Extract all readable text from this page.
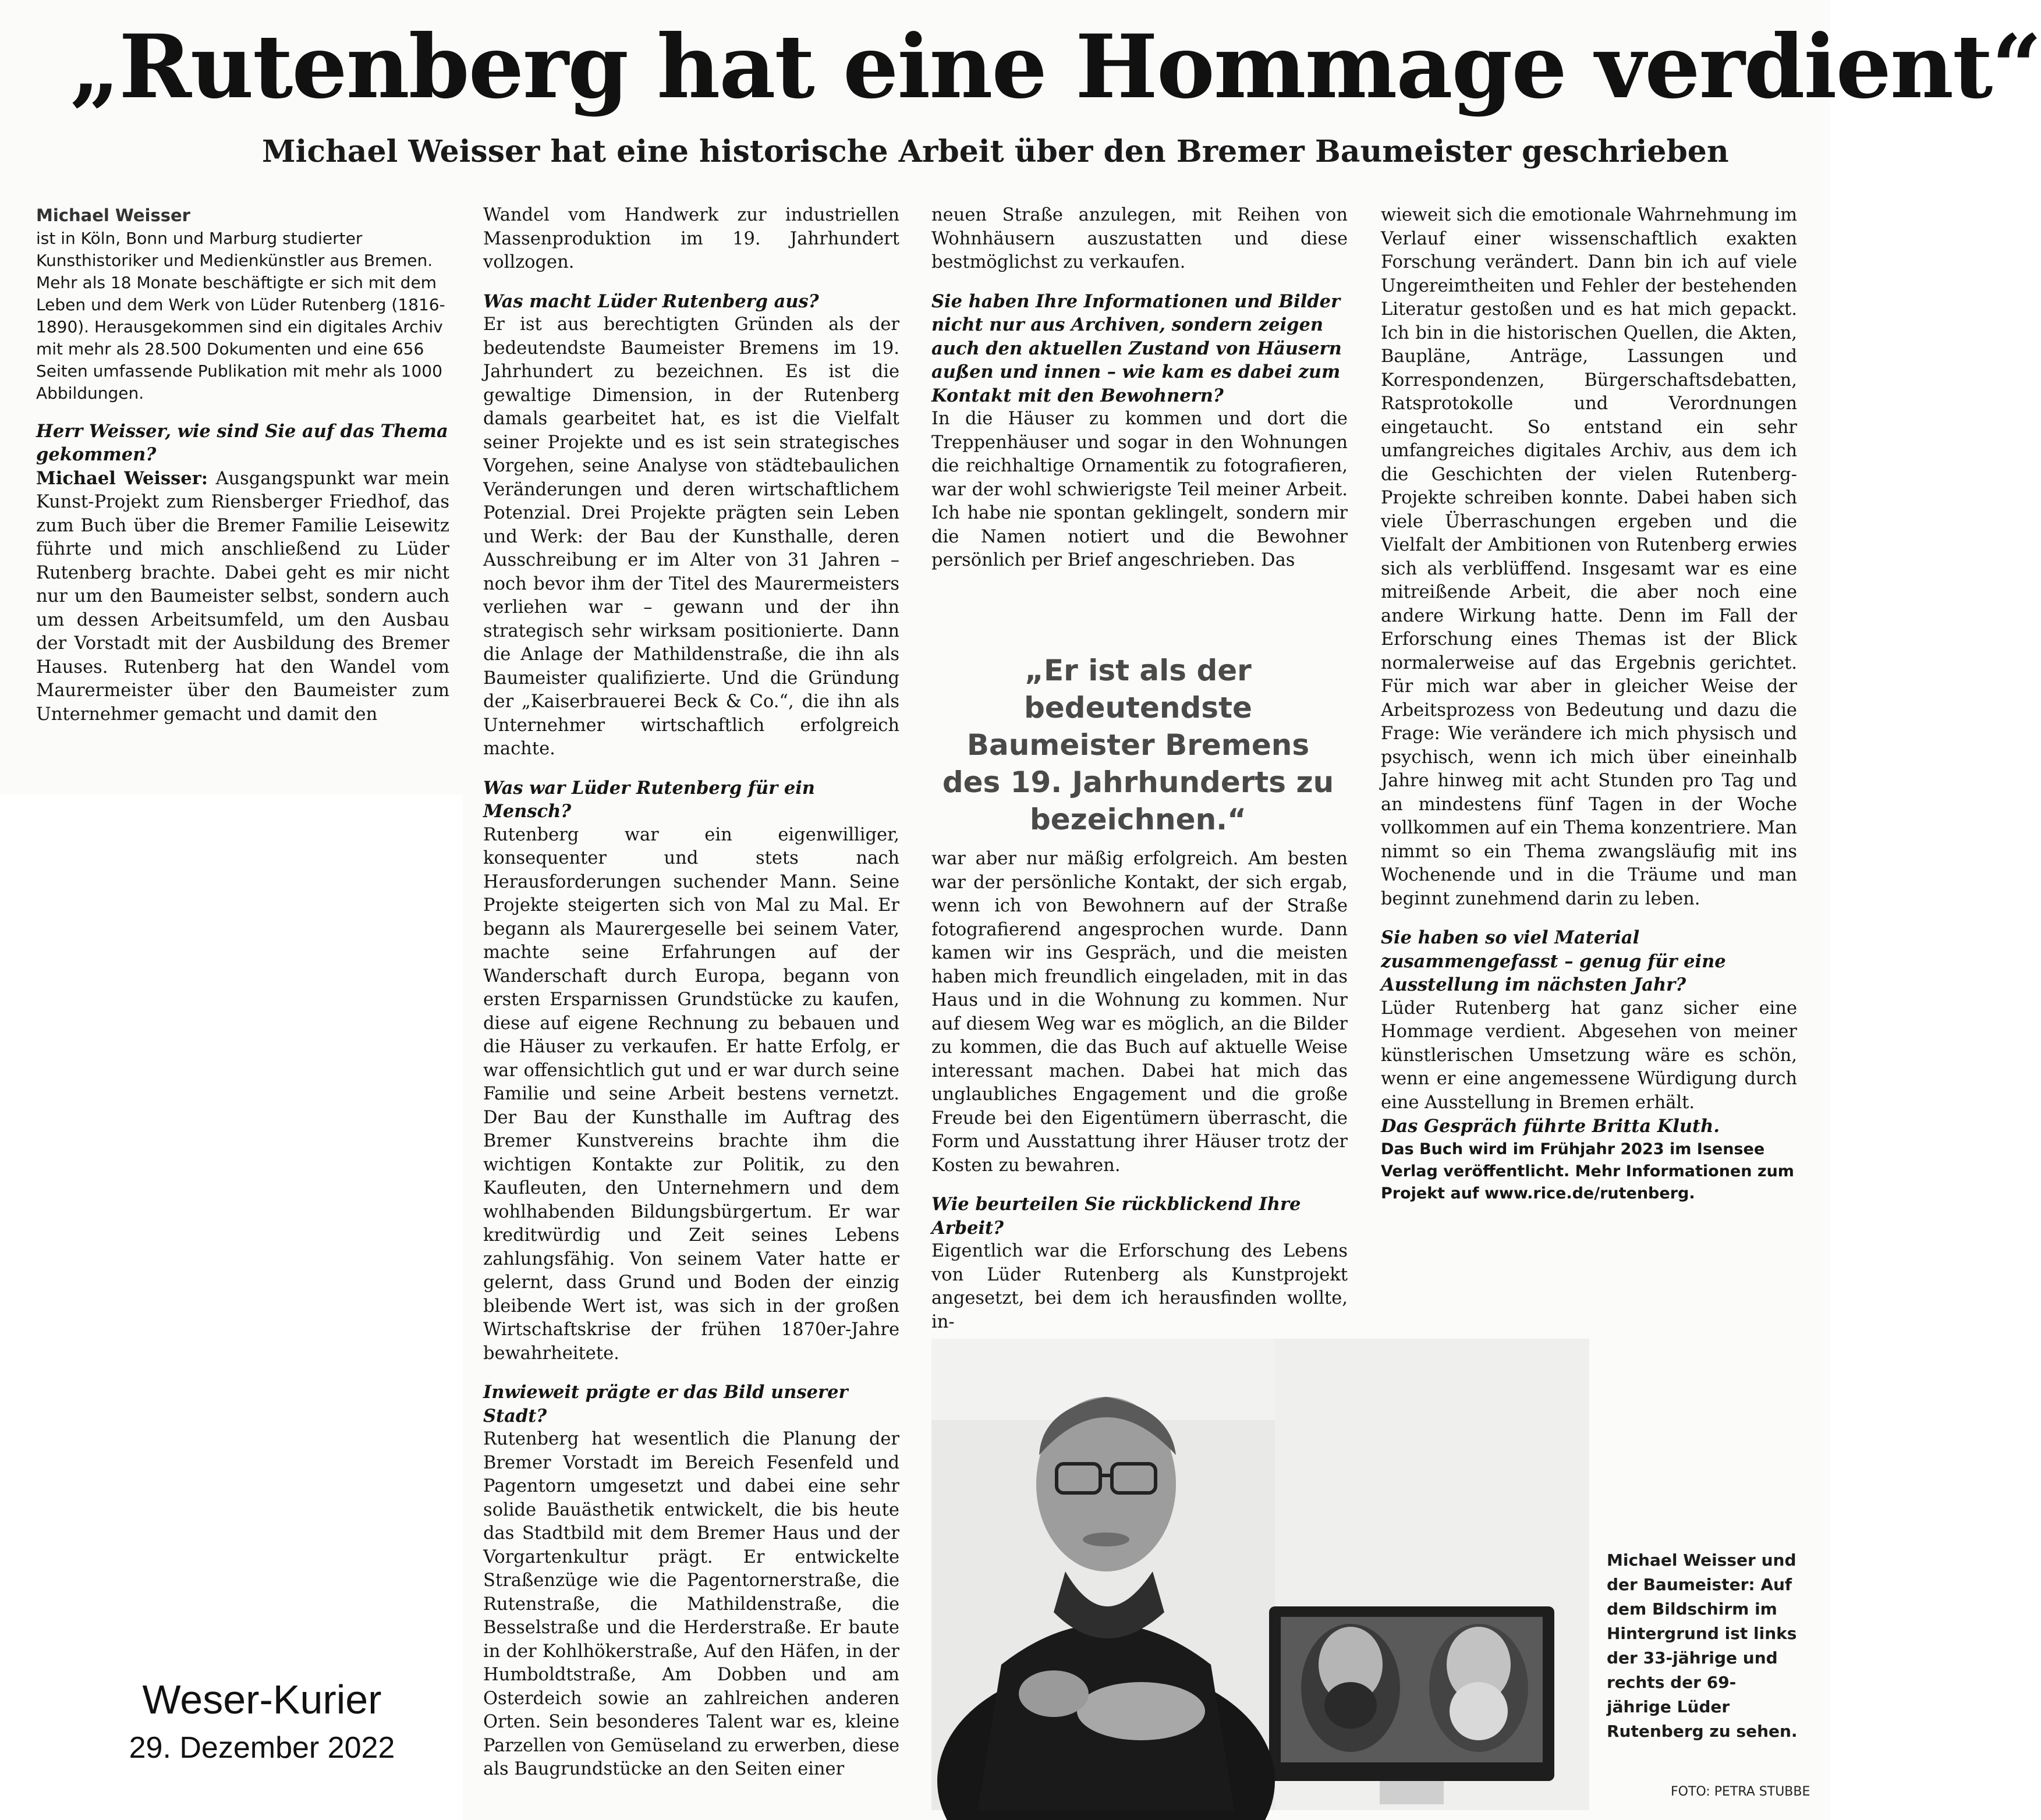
„Rutenberg hat eine Hommage verdient“
Michael Weisser hat eine historische Arbeit über den Bremer Baumeister geschrieben

Michael Weisser

ist in Köln, Bonn und Marburg studierter Kunsthistoriker und Medienkünstler aus Bremen. Mehr als 18 Monate beschäftigte er sich mit dem Leben und dem Werk von Lüder Rutenberg (1816-1890). Herausgekommen sind ein digitales Archiv mit mehr als 28.500 Dokumenten und eine 656 Seiten umfassende Publikation mit mehr als 1000 Abbildungen.

Herr Weisser, wie sind Sie auf das Thema gekommen?

Michael Weisser: Ausgangspunkt war mein Kunst-Projekt zum Riensberger Friedhof, das zum Buch über die Bremer Familie Leisewitz führte und mich anschließend zu Lüder Rutenberg brachte. Dabei geht es mir nicht nur um den Baumeister selbst, sondern auch um dessen Arbeitsumfeld, um den Ausbau der Vorstadt mit der Ausbildung des Bremer Hauses. Rutenberg hat den Wandel vom Maurermeister über den Baumeister zum Unternehmer gemacht und damit den

Wandel vom Handwerk zur industriellen Massenproduktion im 19. Jahrhundert vollzogen.

Was macht Lüder Rutenberg aus?

Er ist aus berechtigten Gründen als der bedeutendste Baumeister Bremens im 19. Jahrhundert zu bezeichnen. Es ist die gewaltige Dimension, in der Rutenberg damals gearbeitet hat, es ist die Vielfalt seiner Projekte und es ist sein strategisches Vorgehen, seine Analyse von städtebaulichen Veränderungen und deren wirtschaftlichem Potenzial. Drei Projekte prägten sein Leben und Werk: der Bau der Kunsthalle, deren Ausschreibung er im Alter von 31 Jahren – noch bevor ihm der Titel des Maurermeisters verliehen war – gewann und der ihn strategisch sehr wirksam positionierte. Dann die Anlage der Mathildenstraße, die ihn als Baumeister qualifizierte. Und die Gründung der „Kaiserbrauerei Beck & Co.“, die ihn als Unternehmer wirtschaftlich erfolgreich machte.

Was war Lüder Rutenberg für ein Mensch?

Rutenberg war ein eigenwilliger, konsequenter und stets nach Herausforderungen suchender Mann. Seine Projekte steigerten sich von Mal zu Mal. Er begann als Maurergeselle bei seinem Vater, machte seine Erfahrungen auf der Wanderschaft durch Europa, begann von ersten Ersparnissen Grundstücke zu kaufen, diese auf eigene Rechnung zu bebauen und die Häuser zu verkaufen. Er hatte Erfolg, er war offensichtlich gut und er war durch seine Familie und seine Arbeit bestens vernetzt. Der Bau der Kunsthalle im Auftrag des Bremer Kunstvereins brachte ihm die wichtigen Kontakte zur Politik, zu den Kaufleuten, den Unternehmern und dem wohlhabenden Bildungsbürgertum. Er war kreditwürdig und Zeit seines Lebens zahlungsfähig. Von seinem Vater hatte er gelernt, dass Grund und Boden der einzig bleibende Wert ist, was sich in der großen Wirtschaftskrise der frühen 1870er-Jahre bewahrheitete.

Inwieweit prägte er das Bild unserer Stadt?

Rutenberg hat wesentlich die Planung der Bremer Vorstadt im Bereich Fesenfeld und Pagentorn umgesetzt und dabei eine sehr solide Bauästhetik entwickelt, die bis heute das Stadtbild mit dem Bremer Haus und der Vorgartenkultur prägt. Er entwickelte Straßenzüge wie die Pagentornerstraße, die Rutenstraße, die Mathildenstraße, die Besselstraße und die Herderstraße. Er baute in der Kohlhökerstraße, Auf den Häfen, in der Humboldtstraße, Am Dobben und am Osterdeich sowie an zahlreichen anderen Orten. Sein besonderes Talent war es, kleine Parzellen von Gemüseland zu erwerben, diese als Baugrundstücke an den Seiten einer

neuen Straße anzulegen, mit Reihen von Wohnhäusern auszustatten und diese bestmöglichst zu verkaufen.

Sie haben Ihre Informationen und Bilder nicht nur aus Archiven, sondern zeigen auch den aktuellen Zustand von Häusern außen und innen – wie kam es dabei zum Kontakt mit den Bewohnern?

In die Häuser zu kommen und dort die Treppenhäuser und sogar in den Wohnungen die reichhaltige Ornamentik zu fotografieren, war der wohl schwierigste Teil meiner Arbeit. Ich habe nie spontan geklingelt, sondern mir die Namen notiert und die Bewohner persönlich per Brief angeschrieben. Das

„Er ist als der bedeutendste Baumeister Bremens des 19. Jahrhunderts zu bezeichnen.“

war aber nur mäßig erfolgreich. Am besten war der persönliche Kontakt, der sich ergab, wenn ich von Bewohnern auf der Straße fotografierend angesprochen wurde. Dann kamen wir ins Gespräch, und die meisten haben mich freundlich eingeladen, mit in das Haus und in die Wohnung zu kommen. Nur auf diesem Weg war es möglich, an die Bilder zu kommen, die das Buch auf aktuelle Weise interessant machen. Dabei hat mich das unglaubliches Engagement und die große Freude bei den Eigentümern überrascht, die Form und Ausstattung ihrer Häuser trotz der Kosten zu bewahren.

Wie beurteilen Sie rückblickend Ihre Arbeit?

Eigentlich war die Erforschung des Lebens von Lüder Rutenberg als Kunstprojekt angesetzt, bei dem ich herausfinden wollte, in-

wieweit sich die emotionale Wahrnehmung im Verlauf einer wissenschaftlich exakten Forschung verändert. Dann bin ich auf viele Ungereimtheiten und Fehler der bestehenden Literatur gestoßen und es hat mich gepackt. Ich bin in die historischen Quellen, die Akten, Baupläne, Anträge, Lassungen und Korrespondenzen, Bürgerschaftsdebatten, Ratsprotokolle und Verordnungen eingetaucht. So entstand ein sehr umfangreiches digitales Archiv, aus dem ich die Geschichten der vielen Rutenberg-Projekte schreiben konnte. Dabei haben sich viele Überraschungen ergeben und die Vielfalt der Ambitionen von Rutenberg erwies sich als verblüffend. Insgesamt war es eine mitreißende Arbeit, die aber noch eine andere Wirkung hatte. Denn im Fall der Erforschung eines Themas ist der Blick normalerweise auf das Ergebnis gerichtet. Für mich war aber in gleicher Weise der Arbeitsprozess von Bedeutung und dazu die Frage: Wie verändere ich mich physisch und psychisch, wenn ich mich über eineinhalb Jahre hinweg mit acht Stunden pro Tag und an mindestens fünf Tagen in der Woche vollkommen auf ein Thema konzentriere. Man nimmt so ein Thema zwangsläufig mit ins Wochenende und in die Träume und man beginnt zunehmend darin zu leben.

Sie haben so viel Material zusammengefasst – genug für eine Ausstellung im nächsten Jahr?

Lüder Rutenberg hat ganz sicher eine Hommage verdient. Abgesehen von meiner künstlerischen Umsetzung wäre es schön, wenn er eine angemessene Würdigung durch eine Ausstellung in Bremen erhält.

Das Gespräch führte Britta Kluth.

Das Buch wird im Frühjahr 2023 im Isensee Verlag veröffentlicht. Mehr Informationen zum Projekt auf www.rice.de/rutenberg.

Michael Weisser und der Baumeister: Auf dem Bildschirm im Hintergrund ist links der 33-jährige und rechts der 69-jährige Lüder Rutenberg zu sehen.
FOTO: PETRA STUBBE
Weser-Kurier
29. Dezember 2022
